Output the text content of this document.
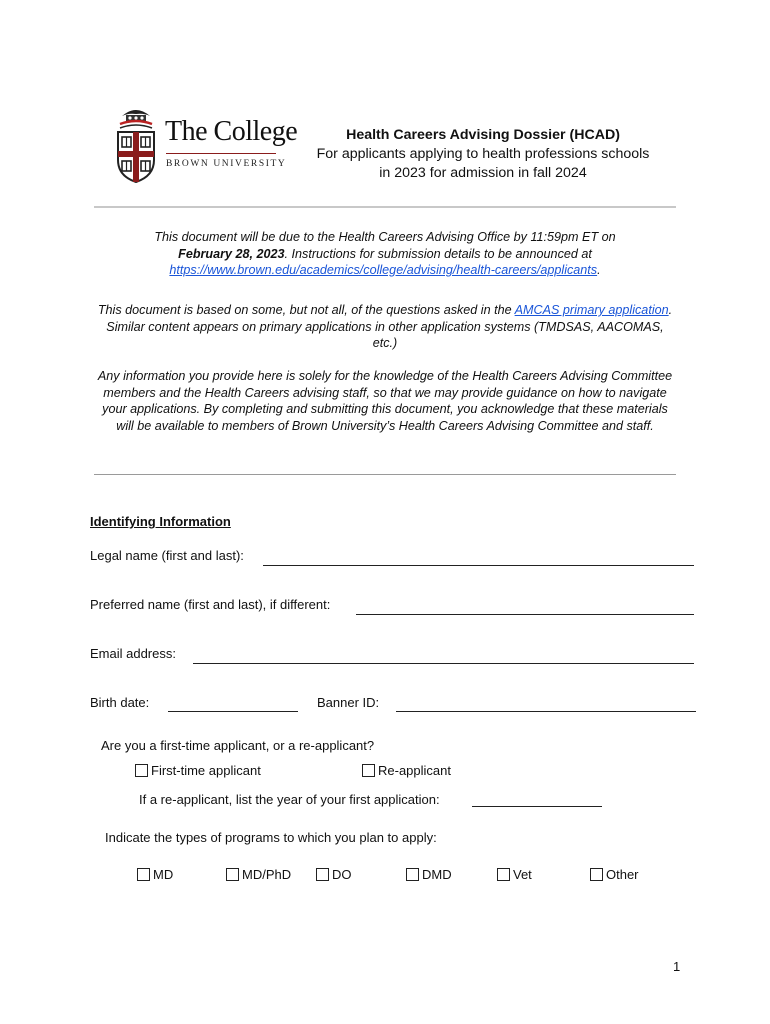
The College
BROWN UNIVERSITY
Health Careers Advising Dossier (HCAD)
For applicants applying to health professions schools
in 2023 for admission in fall 2024
This document will be due to the Health Careers Advising Office by 11:59pm ET on
February 28, 2023. Instructions for submission details to be announced at
https://www.brown.edu/academics/college/advising/health-careers/applicants.
This document is based on some, but not all, of the questions asked in the AMCAS primary application. Similar content appears on primary applications in other application systems (TMDSAS, AACOMAS, etc.)
Any information you provide here is solely for the knowledge of the Health Careers Advising Committee members and the Health Careers advising staff, so that we may provide guidance on how to navigate your applications. By completing and submitting this document, you acknowledge that these materials will be available to members of Brown University’s Health Careers Advising Committee and staff.
Identifying Information
Legal name (first and last):
Preferred name (first and last), if different:
Email address:
Birth date:	Banner ID:
Are you a first-time applicant, or a re-applicant?
First-time applicant	Re-applicant
If a re-applicant, list the year of your first application:
Indicate the types of programs to which you plan to apply:
MD	MD/PhD	DO	DMD	Vet	Other
1
